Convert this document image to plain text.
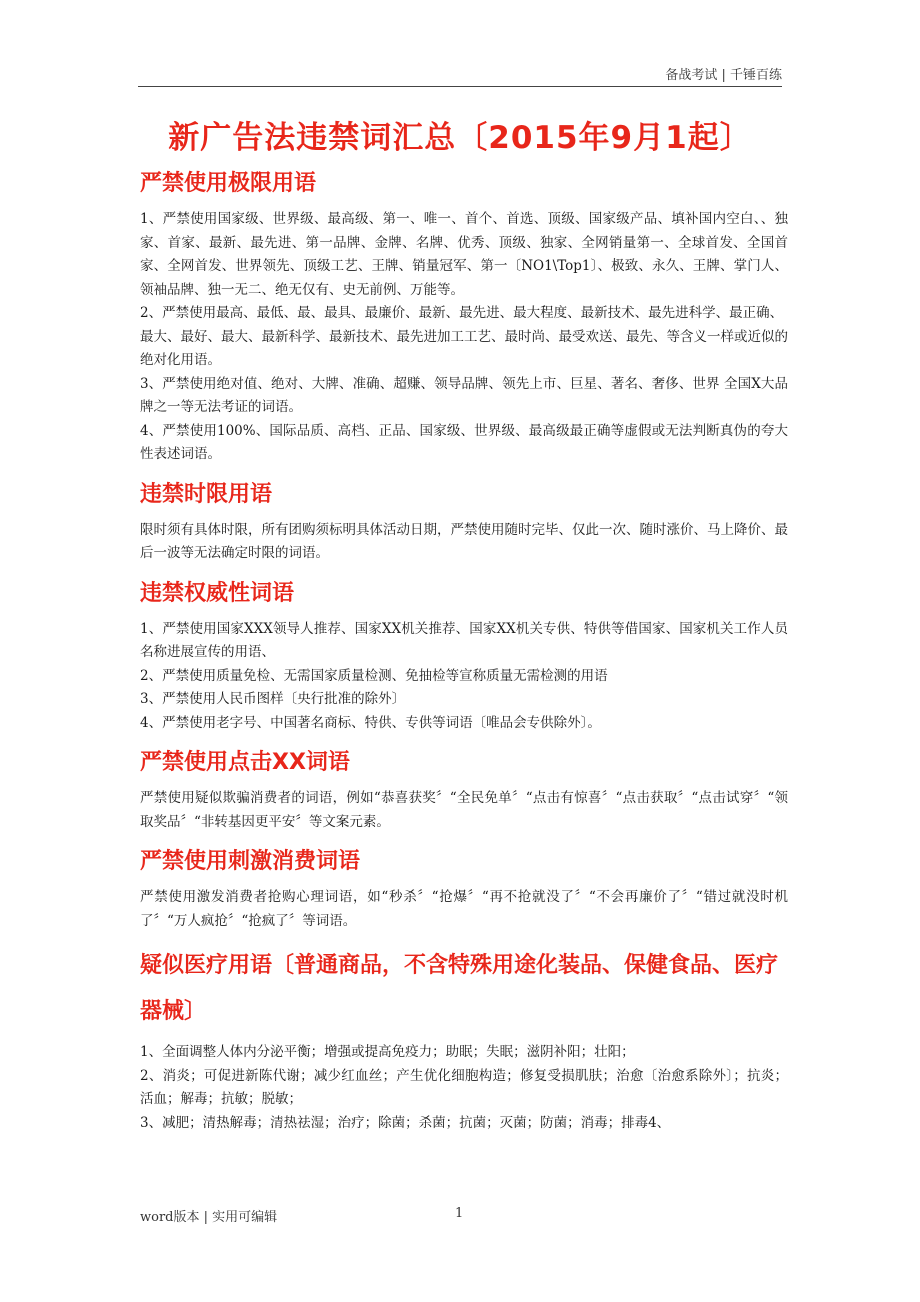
备战考试 | 千锤百练
新广告法违禁词汇总〔2015年9月1起〕
严禁使用极限用语

1、严禁使用国家级、世界级、最高级、第一、唯一、首个、首选、顶级、国家级产品、填补国内空白、、独家、首家、最新、最先进、第一品牌、金牌、名牌、优秀、顶级、独家、全网销量第一、全球首发、全国首家、全网首发、世界领先、顶级工艺、王牌、销量冠军、第一〔NO1\Top1〕、极致、永久、王牌、掌门人、领袖品牌、独一无二、绝无仅有、史无前例、万能等。

2、严禁使用最高、最低、最、最具、最廉价、最新、最先进、最大程度、最新技术、最先进科学、最正确、

最大、最好、最大、最新科学、最新技术、最先进加工工艺、最时尚、最受欢送、最先、等含义一样或近似的绝对化用语。

3、严禁使用绝对值、绝对、大牌、准确、超赚、领导品牌、领先上市、巨星、著名、奢侈、世界 全国X大品牌之一等无法考证的词语。

4、严禁使用100%、国际品质、高档、正品、国家级、世界级、最高级最正确等虚假或无法判断真伪的夸大性表述词语。

违禁时限用语

限时须有具体时限，所有团购须标明具体活动日期，严禁使用随时完毕、仅此一次、随时涨价、马上降价、最后一波等无法确定时限的词语。

违禁权威性词语

1、严禁使用国家XXX领导人推荐、国家XX机关推荐、国家XX机关专供、特供等借国家、国家机关工作人员名称进展宣传的用语、

2、严禁使用质量免检、无需国家质量检测、免抽检等宣称质量无需检测的用语

3、严禁使用人民币图样〔央行批准的除外〕

4、严禁使用老字号、中国著名商标、特供、专供等词语〔唯品会专供除外〕。

严禁使用点击XX词语

严禁使用疑似欺骗消费者的词语，例如“恭喜获奖〞“全民免单〞“点击有惊喜〞“点击获取〞“点击试穿〞“领取奖品〞“非转基因更平安〞等文案元素。

严禁使用刺激消费词语

严禁使用激发消费者抢购心理词语，如“秒杀〞“抢爆〞“再不抢就没了〞“不会再廉价了〞“错过就没时机了〞“万人疯抢〞“抢疯了〞等词语。

疑似医疗用语〔普通商品，不含特殊用途化装品、保健食品、医疗器械〕

1、全面调整人体内分泌平衡；增强或提高免疫力；助眠；失眠；滋阴补阳；壮阳；

2、消炎；可促进新陈代谢；减少红血丝；产生优化细胞构造；修复受损肌肤；治愈〔治愈系除外〕；抗炎；活血；解毒；抗敏；脱敏；

3、减肥；清热解毒；清热祛湿；治疗；除菌；杀菌；抗菌；灭菌；防菌；消毒；排毒4、

word版本 | 实用可编辑	1
